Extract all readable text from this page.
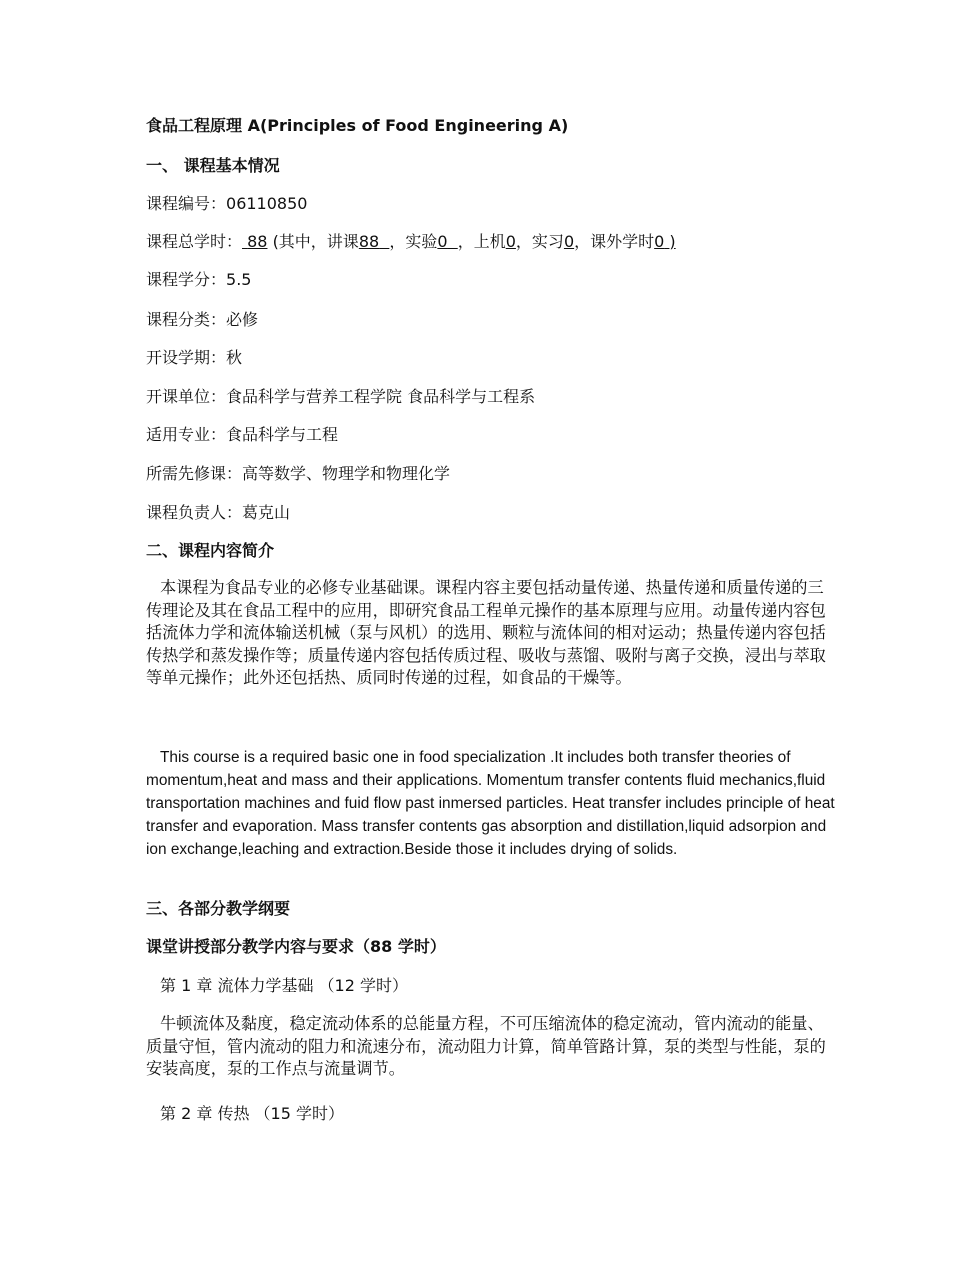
食品工程原理 A(Principles of Food Engineering A)
一、 课程基本情况
课程编号：06110850
课程总学时： 88 (其中，讲课88 ，实验0 ，上机0，实习0，课外学时0 )
课程学分：5.5
课程分类：必修
开设学期：秋
开课单位：食品科学与营养工程学院 食品科学与工程系
适用专业：食品科学与工程
所需先修课：高等数学、物理学和物理化学
课程负责人：葛克山
二、课程内容简介
本课程为食品专业的必修专业基础课。课程内容主要包括动量传递、热量传递和质量传递的三传理论及其在食品工程中的应用，即研究食品工程单元操作的基本原理与应用。动量传递内容包括流体力学和流体输送机械（泵与风机）的选用、颗粒与流体间的相对运动；热量传递内容包括传热学和蒸发操作等；质量传递内容包括传质过程、吸收与蒸馏、吸附与离子交换，浸出与萃取等单元操作；此外还包括热、质同时传递的过程，如食品的干燥等。
This course is a required basic one in food specialization .It includes both transfer theories of momentum,heat and mass and their applications. Momentum transfer contents fluid mechanics,fluid transportation machines and fuid flow past inmersed particles. Heat transfer includes principle of heat transfer and evaporation. Mass transfer contents gas absorption and distillation,liquid adsorpion and ion exchange,leaching and extraction.Beside those it includes drying of solids.
三、各部分教学纲要
课堂讲授部分教学内容与要求（88 学时）
第 1 章 流体力学基础 （12 学时）
牛顿流体及黏度，稳定流动体系的总能量方程，不可压缩流体的稳定流动，管内流动的能量、质量守恒，管内流动的阻力和流速分布，流动阻力计算，简单管路计算，泵的类型与性能，泵的安装高度，泵的工作点与流量调节。
第 2 章 传热 （15 学时）
